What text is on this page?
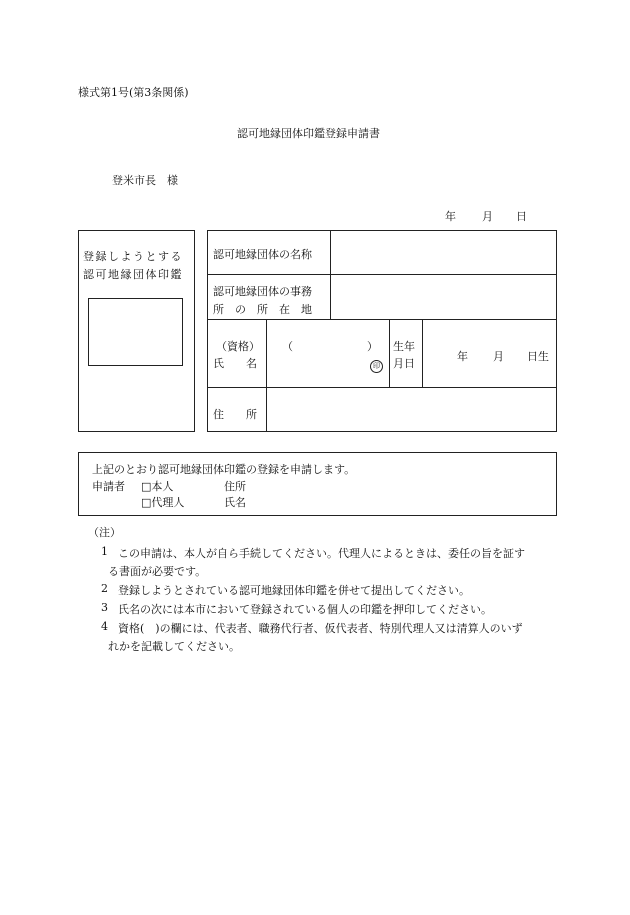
様式第1号(第3条関係)
認可地縁団体印鑑登録申請書
登米市長　様
年 月 日
登録しようとする
認可地縁団体印鑑
認可地縁団体の名称
認可地縁団体の事務
所　の　所　在　地
（資格）
氏　　名
（	）
印
生年
月日
年 月 日生
住　　所
上記のとおり認可地縁団体印鑑の登録を申請します。
申請者 □本人
□代理人
住所
氏名
（注）
1 この申請は、本人が自ら手続してください。代理人によるときは、委任の旨を証す
る書面が必要です。
2 登録しようとされている認可地縁団体印鑑を併せて提出してください。
3 氏名の次には本市において登録されている個人の印鑑を押印してください。
4 資格(　)の欄には、代表者、職務代行者、仮代表者、特別代理人又は清算人のいず
れかを記載してください。
